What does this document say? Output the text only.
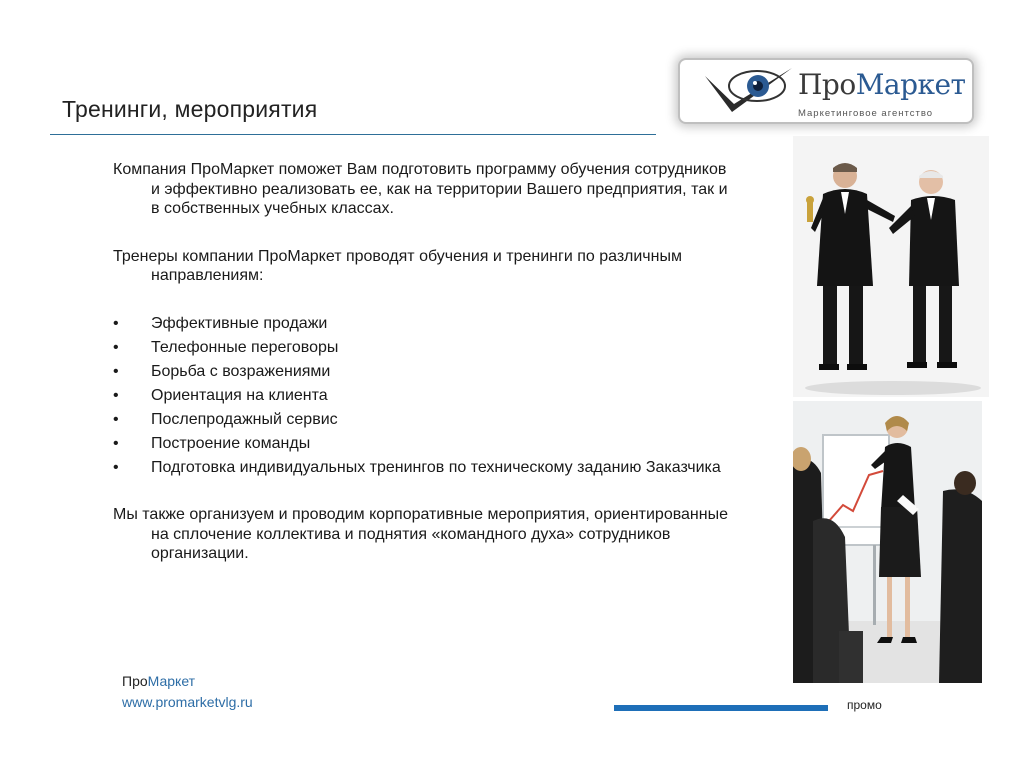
Тренинги, мероприятия
ПроМаркет
Маркетинговое агентство

Компания ПроМаркет поможет Вам подготовить программу обучения сотрудников и эффективно реализовать ее, как на территории Вашего предприятия, так и в собственных учебных классах.

Тренеры компании ПроМаркет проводят обучения и тренинги по различным направлениям:

• Эффективные продажи
• Телефонные переговоры
• Борьба с возражениями
• Ориентация на клиента
• Послепродажный сервис
• Построение команды
• Подготовка индивидуальных тренингов по техническому заданию Заказчика

Мы также организуем и проводим корпоративные мероприятия, ориентированные на сплочение коллектива и поднятия «командного духа» сотрудников организации.

ПроМаркет
www.promarketvlg.ru	промо
